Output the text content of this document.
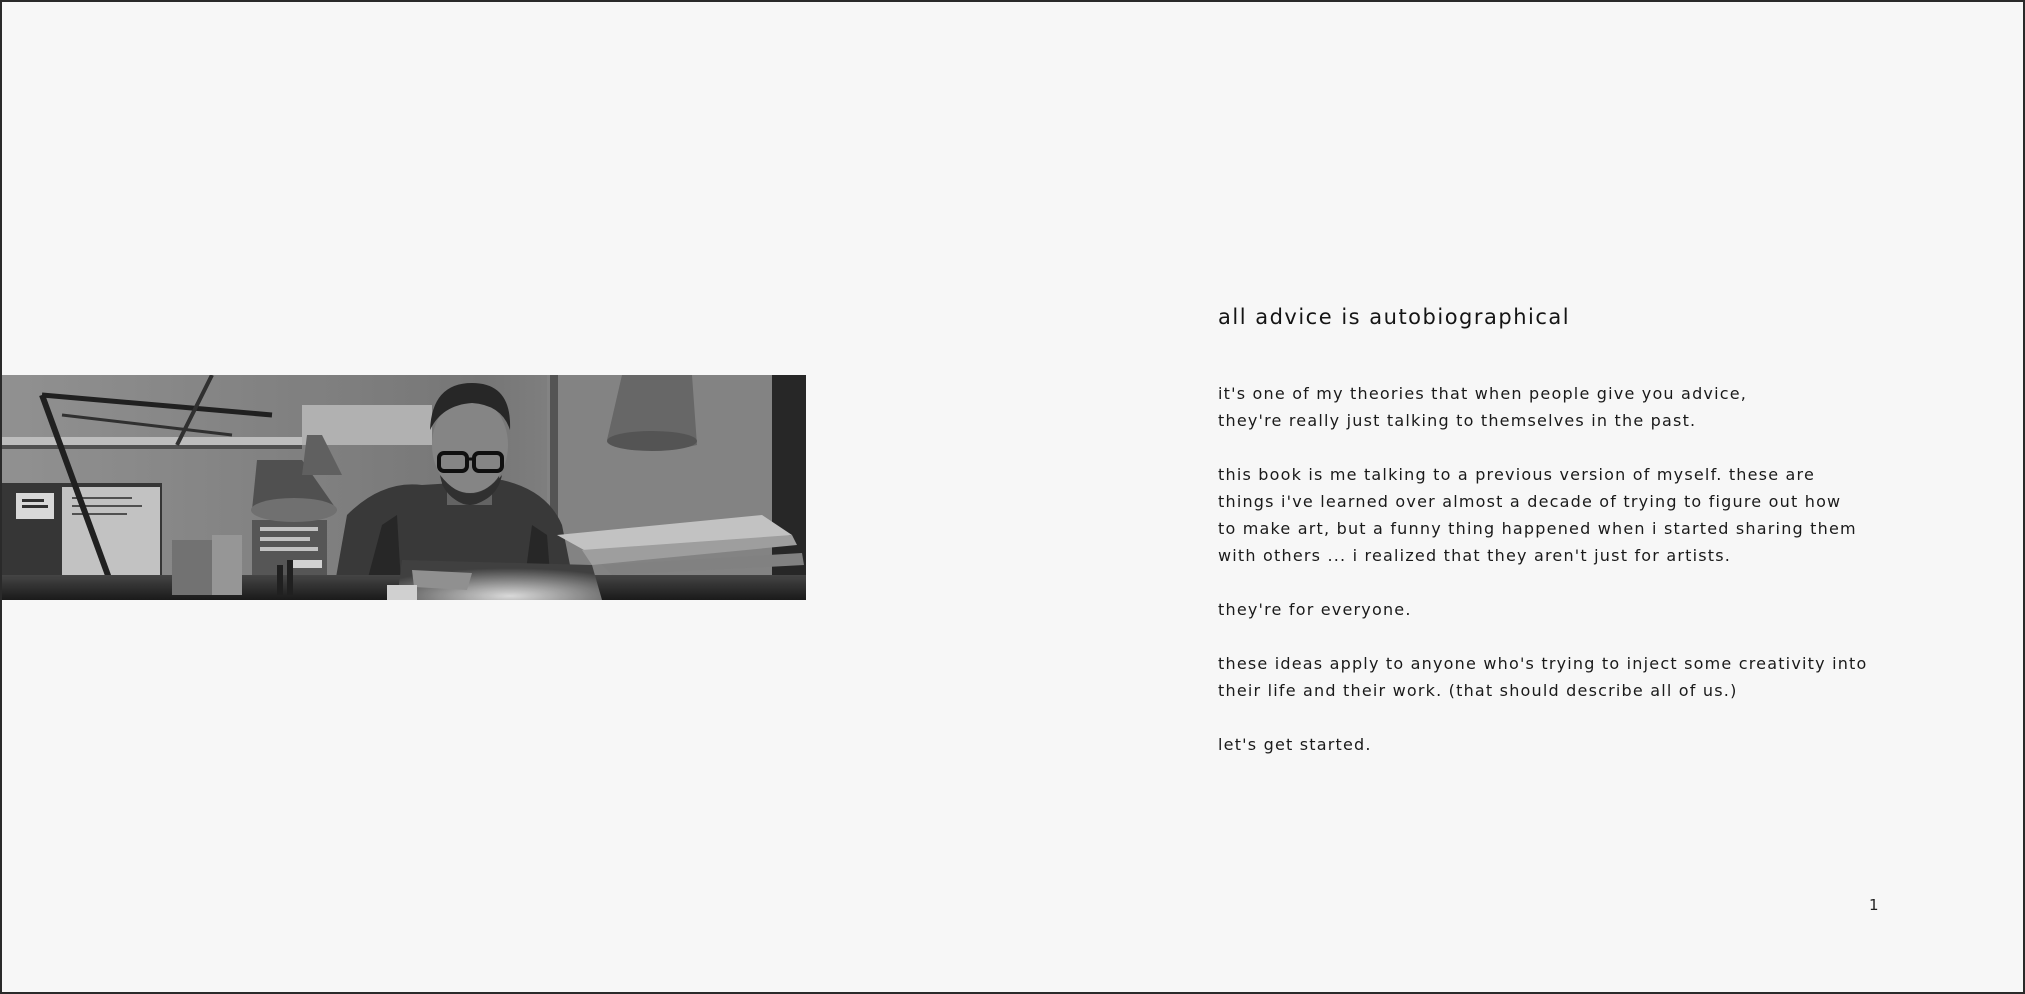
all advice is autobiographical

it's one of my theories that when people give you advice,
they're really just talking to themselves in the past.

this book is me talking to a previous version of myself. these are
things i've learned over almost a decade of trying to figure out how
to make art, but a funny thing happened when i started sharing them
with others ... i realized that they aren't just for artists.

they're for everyone.

these ideas apply to anyone who's trying to inject some creativity into
their life and their work. (that should describe all of us.)

let's get started.

1
